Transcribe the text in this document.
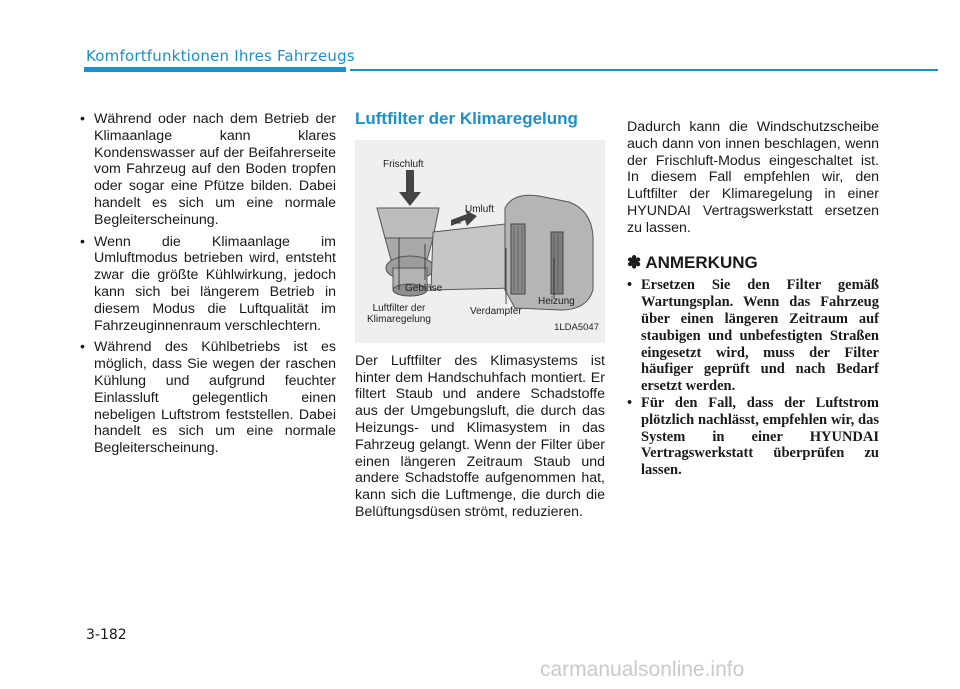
Komfortfunktionen Ihres Fahrzeugs
• Während oder nach dem Betrieb der Klimaanlage kann klares Kondenswasser auf der Beifahrerseite vom Fahrzeug auf den Boden tropfen oder sogar eine Pfütze bilden. Dabei handelt es sich um eine normale Begleiterscheinung.
• Wenn die Klimaanlage im Umluftmodus betrieben wird, entsteht zwar die größte Kühlwirkung, jedoch kann sich bei längerem Betrieb in diesem Modus die Luftqualität im Fahrzeuginnenraum verschlechtern.
• Während des Kühlbetriebs ist es möglich, dass Sie wegen der raschen Kühlung und aufgrund feuchter Einlassluft gelegentlich einen nebeligen Luftstrom feststellen. Dabei handelt es sich um eine normale Begleiterscheinung.
Luftfilter der Klimaregelung
Frischluft
Umluft
Gebläse
Luftfilter der
Klimaregelung
Verdampfer
Heizung
1LDA5047

Der Luftfilter des Klimasystems ist hinter dem Handschuhfach montiert. Er filtert Staub und andere Schadstoffe aus der Umgebungsluft, die durch das Heizungs- und Klimasystem in das Fahrzeug gelangt. Wenn der Filter über einen längeren Zeitraum Staub und andere Schadstoffe aufgenommen hat, kann sich die Luftmenge, die durch die Belüftungsdüsen strömt, reduzieren.

Dadurch kann die Windschutzscheibe auch dann von innen beschlagen, wenn der Frischluft-Modus eingeschaltet ist. In diesem Fall empfehlen wir, den Luftfilter der Klimaregelung in einer HYUNDAI Vertragswerkstatt ersetzen zu lassen.

✽ ANMERKUNG
• Ersetzen Sie den Filter gemäß Wartungsplan. Wenn das Fahrzeug über einen längeren Zeitraum auf staubigen und unbefestigten Straßen eingesetzt wird, muss der Filter häufiger geprüft und nach Bedarf ersetzt werden.
• Für den Fall, dass der Luftstrom plötzlich nachlässt, empfehlen wir, das System in einer HYUNDAI Vertragswerkstatt überprüfen zu lassen.
3-182
carmanualsonline.info
